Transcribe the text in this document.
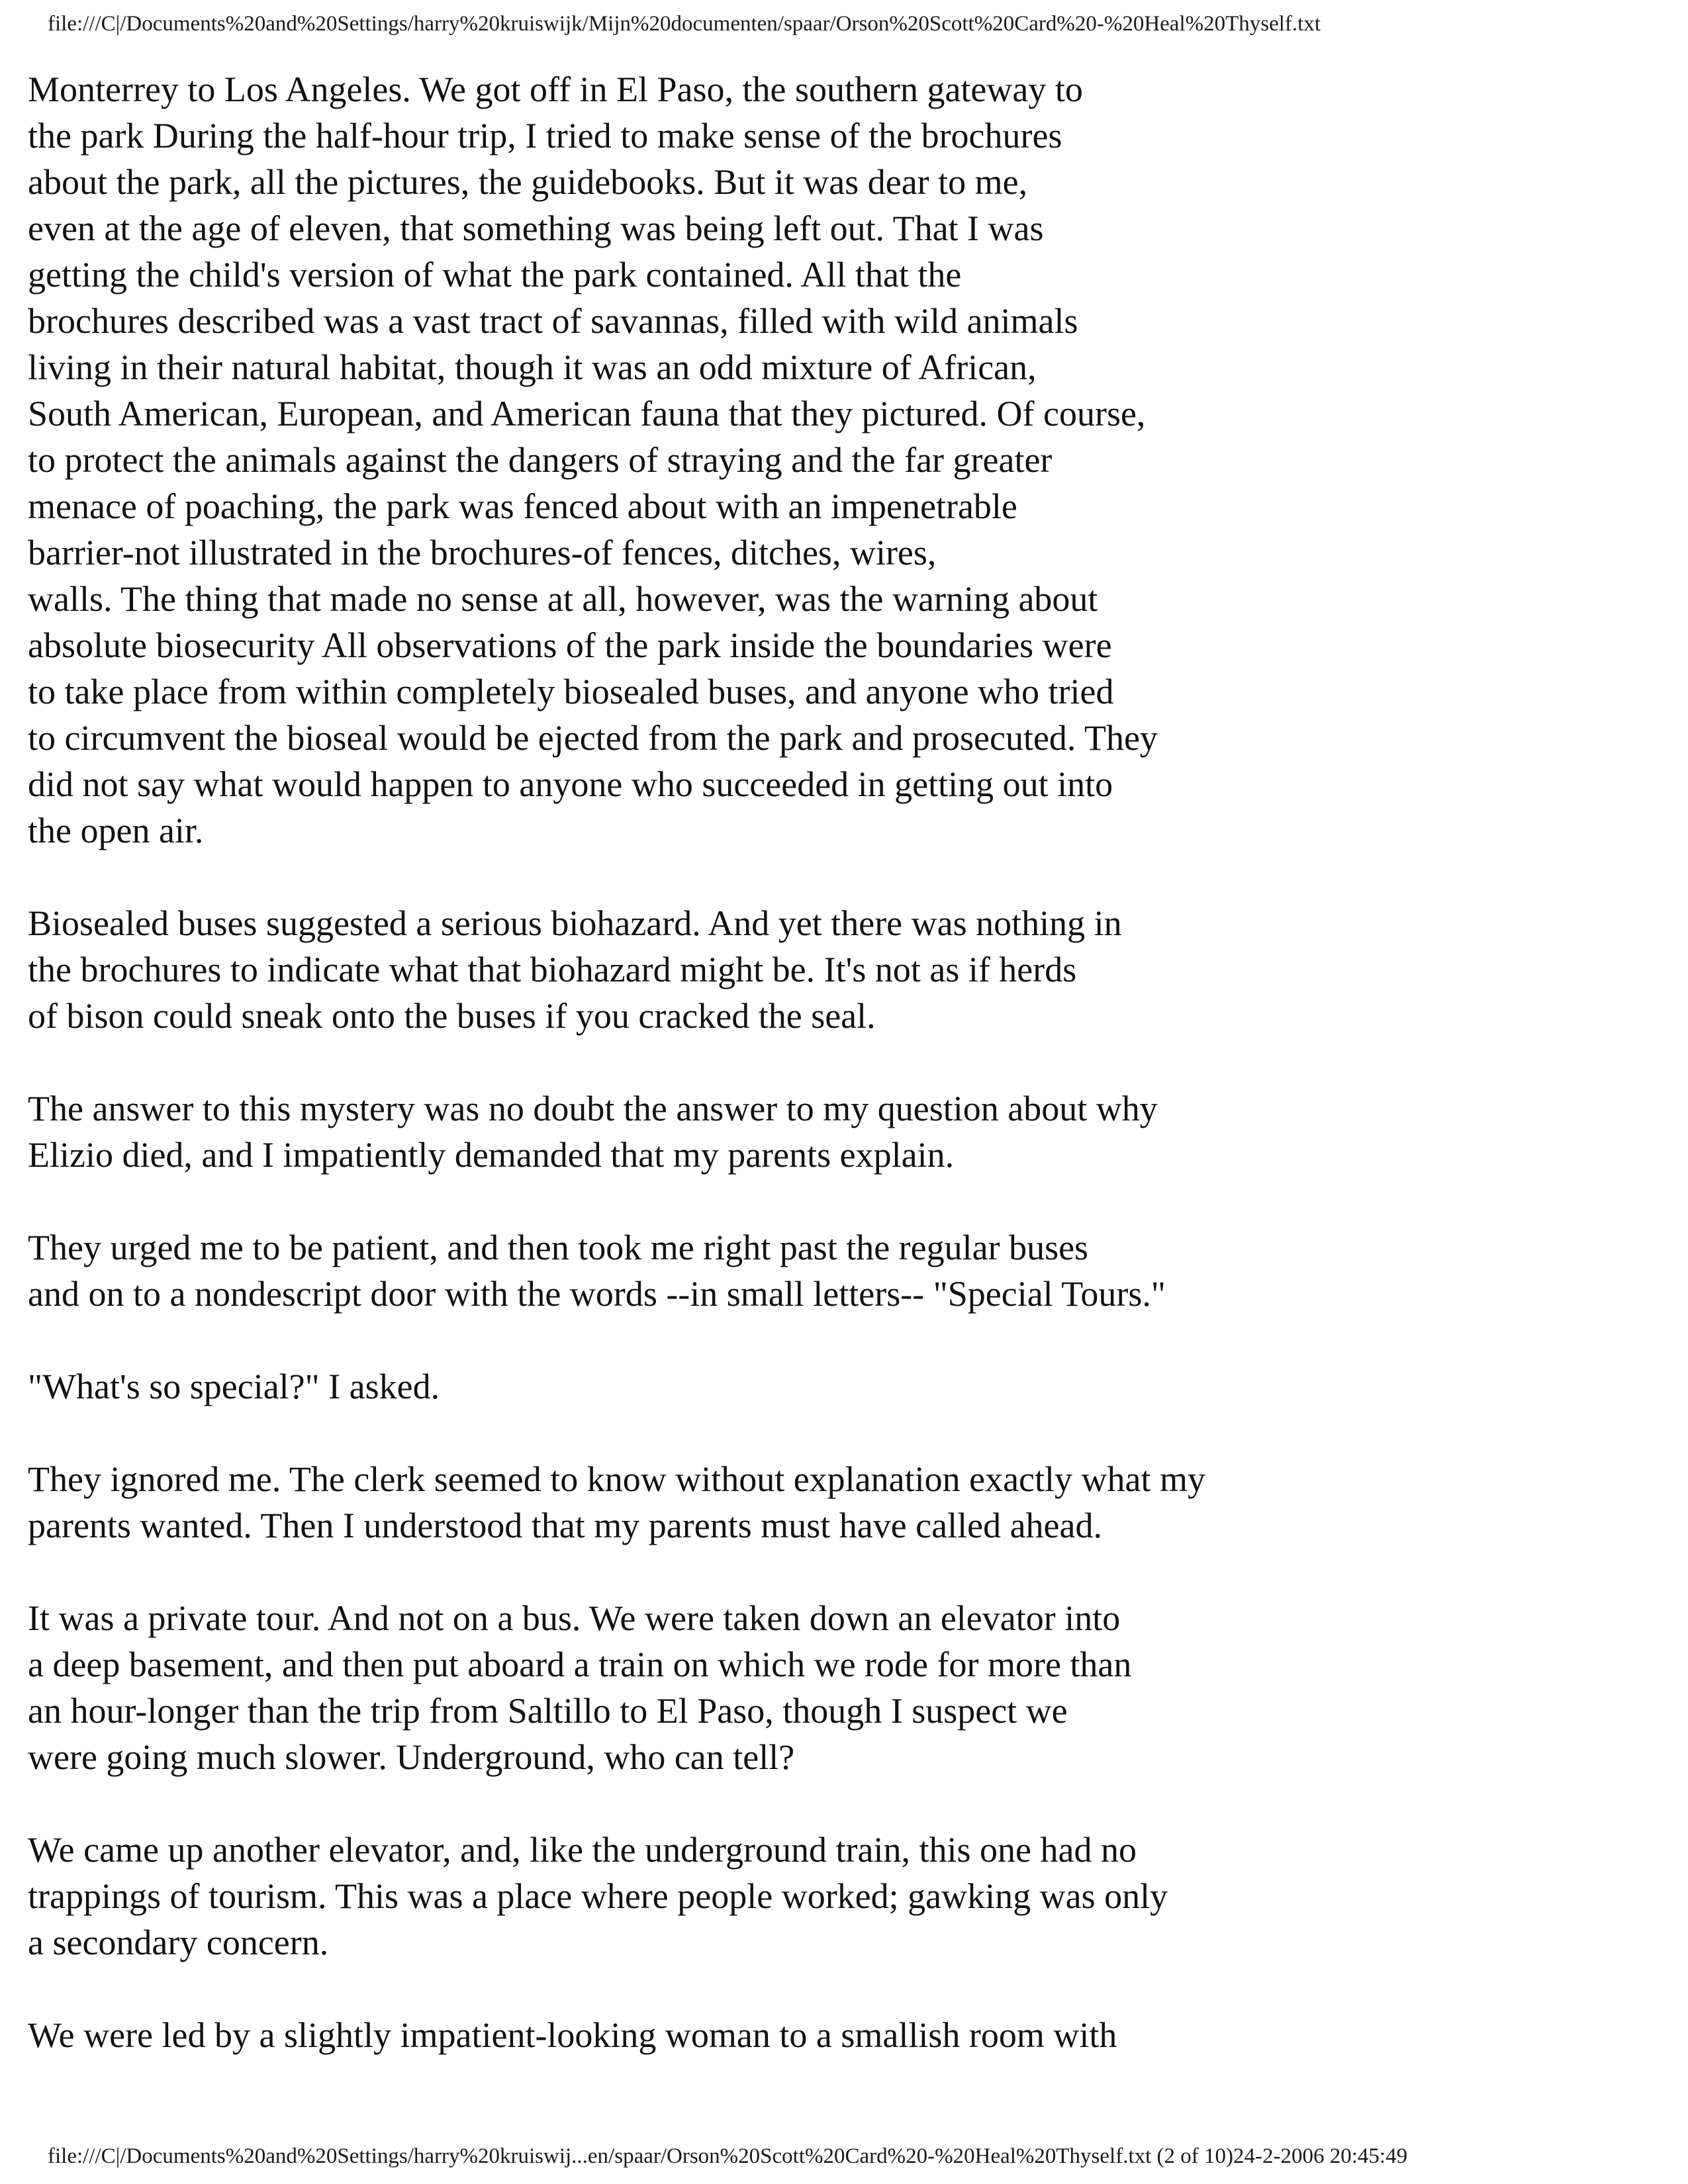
file:///C|/Documents%20and%20Settings/harry%20kruiswijk/Mijn%20documenten/spaar/Orson%20Scott%20Card%20-%20Heal%20Thyself.txt
Monterrey to Los Angeles. We got off in El Paso, the southern gateway to
the park During the half-hour trip, I tried to make sense of the brochures
about the park, all the pictures, the guidebooks. But it was dear to me,
even at the age of eleven, that something was being left out. That I was
getting the child's version of what the park contained. All that the
brochures described was a vast tract of savannas, filled with wild animals
living in their natural habitat, though it was an odd mixture of African,
South American, European, and American fauna that they pictured. Of course,
to protect the animals against the dangers of straying and the far greater
menace of poaching, the park was fenced about with an impenetrable
barrier-not illustrated in the brochures-of fences, ditches, wires,
walls. The thing that made no sense at all, however, was the warning about
absolute biosecurity All observations of the park inside the boundaries were
to take place from within completely biosealed buses, and anyone who tried
to circumvent the bioseal would be ejected from the park and prosecuted. They
did not say what would happen to anyone who succeeded in getting out into
the open air.
Biosealed buses suggested a serious biohazard. And yet there was nothing in
the brochures to indicate what that biohazard might be. It's not as if herds
of bison could sneak onto the buses if you cracked the seal.
The answer to this mystery was no doubt the answer to my question about why
Elizio died, and I impatiently demanded that my parents explain.
They urged me to be patient, and then took me right past the regular buses
and on to a nondescript door with the words --in small letters-- "Special Tours."
"What's so special?" I asked.
They ignored me. The clerk seemed to know without explanation exactly what my
parents wanted. Then I understood that my parents must have called ahead.
It was a private tour. And not on a bus. We were taken down an elevator into
a deep basement, and then put aboard a train on which we rode for more than
an hour-longer than the trip from Saltillo to El Paso, though I suspect we
were going much slower. Underground, who can tell?
We came up another elevator, and, like the underground train, this one had no
trappings of tourism. This was a place where people worked; gawking was only
a secondary concern.
We were led by a slightly impatient-looking woman to a smallish room with
file:///C|/Documents%20and%20Settings/harry%20kruiswij...en/spaar/Orson%20Scott%20Card%20-%20Heal%20Thyself.txt (2 of 10)24-2-2006 20:45:49
